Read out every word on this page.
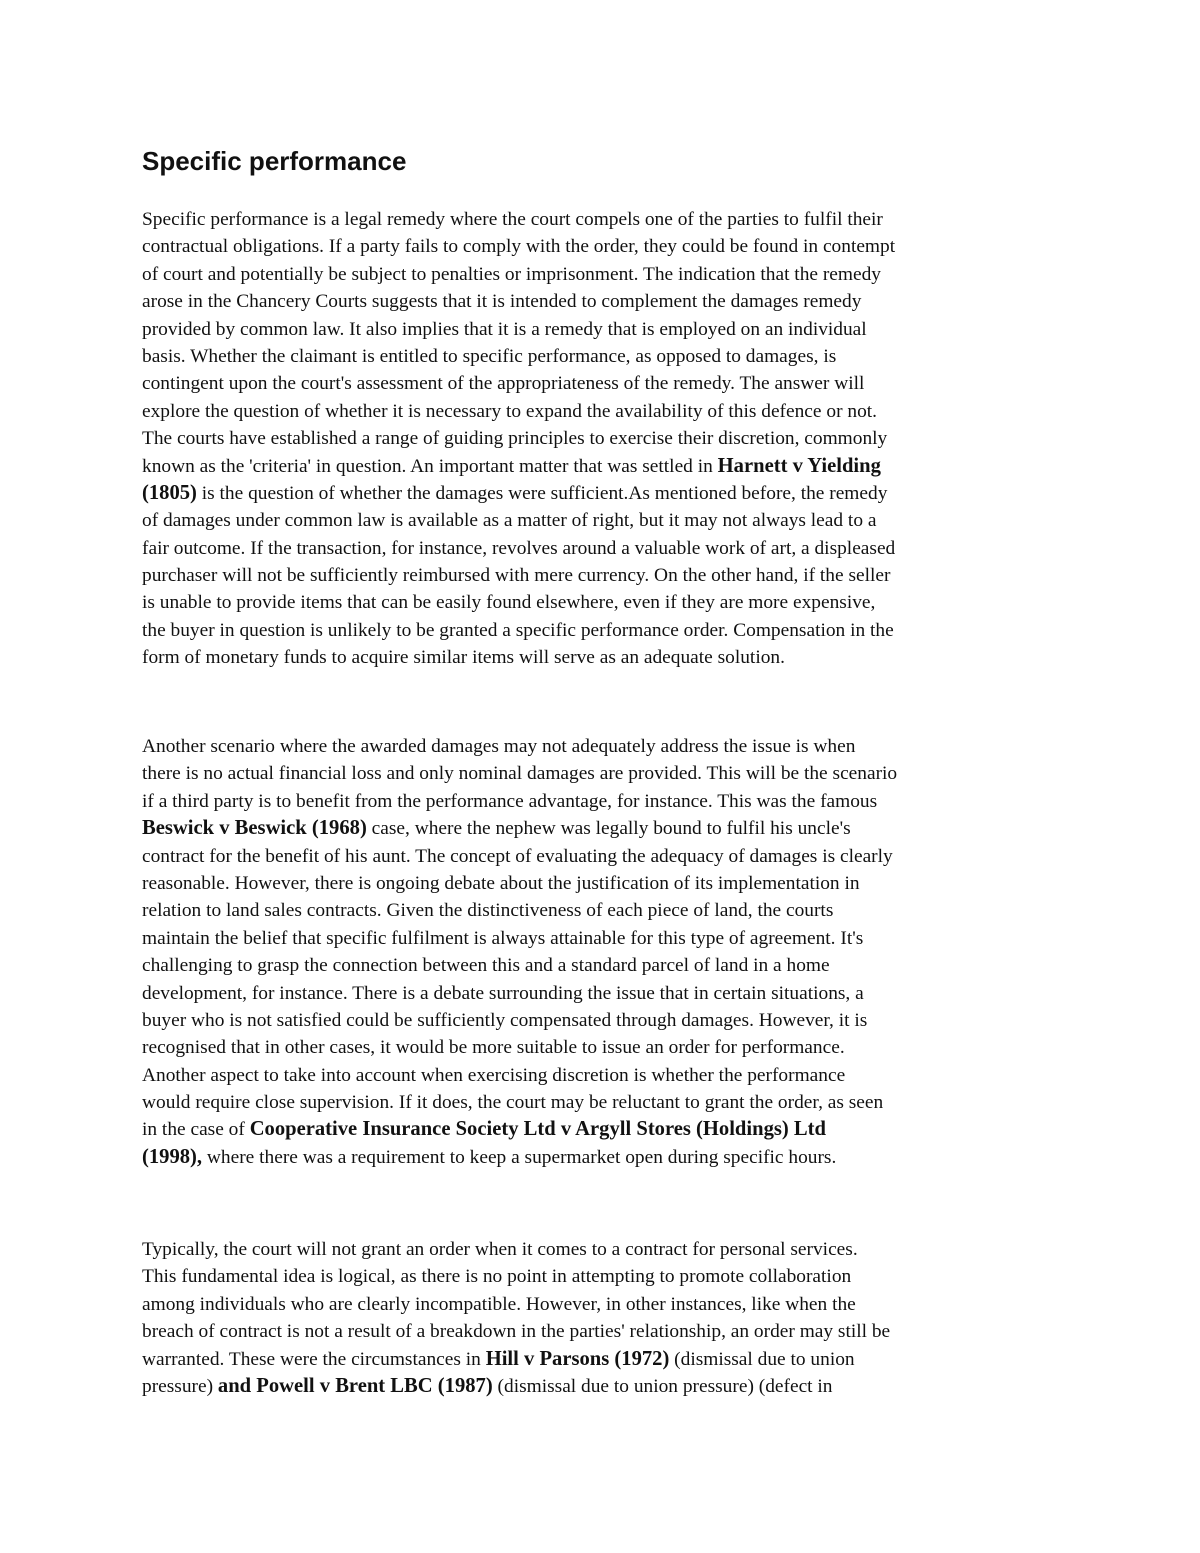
Specific performance
Specific performance is a legal remedy where the court compels one of the parties to fulfil their
contractual obligations. If a party fails to comply with the order, they could be found in contempt
of court and potentially be subject to penalties or imprisonment. The indication that the remedy
arose in the Chancery Courts suggests that it is intended to complement the damages remedy
provided by common law. It also implies that it is a remedy that is employed on an individual
basis. Whether the claimant is entitled to specific performance, as opposed to damages, is
contingent upon the court's assessment of the appropriateness of the remedy. The answer will
explore the question of whether it is necessary to expand the availability of this defence or not.
The courts have established a range of guiding principles to exercise their discretion, commonly
known as the 'criteria' in question. An important matter that was settled in Harnett v Yielding
(1805) is the question of whether the damages were sufficient.As mentioned before, the remedy
of damages under common law is available as a matter of right, but it may not always lead to a
fair outcome. If the transaction, for instance, revolves around a valuable work of art, a displeased
purchaser will not be sufficiently reimbursed with mere currency. On the other hand, if the seller
is unable to provide items that can be easily found elsewhere, even if they are more expensive,
the buyer in question is unlikely to be granted a specific performance order. Compensation in the
form of monetary funds to acquire similar items will serve as an adequate solution.
Another scenario where the awarded damages may not adequately address the issue is when
there is no actual financial loss and only nominal damages are provided. This will be the scenario
if a third party is to benefit from the performance advantage, for instance. This was the famous
Beswick v Beswick (1968) case, where the nephew was legally bound to fulfil his uncle's
contract for the benefit of his aunt. The concept of evaluating the adequacy of damages is clearly
reasonable. However, there is ongoing debate about the justification of its implementation in
relation to land sales contracts. Given the distinctiveness of each piece of land, the courts
maintain the belief that specific fulfilment is always attainable for this type of agreement. It's
challenging to grasp the connection between this and a standard parcel of land in a home
development, for instance. There is a debate surrounding the issue that in certain situations, a
buyer who is not satisfied could be sufficiently compensated through damages. However, it is
recognised that in other cases, it would be more suitable to issue an order for performance.
Another aspect to take into account when exercising discretion is whether the performance
would require close supervision. If it does, the court may be reluctant to grant the order, as seen
in the case of Cooperative Insurance Society Ltd v Argyll Stores (Holdings) Ltd
(1998), where there was a requirement to keep a supermarket open during specific hours.
Typically, the court will not grant an order when it comes to a contract for personal services.
This fundamental idea is logical, as there is no point in attempting to promote collaboration
among individuals who are clearly incompatible. However, in other instances, like when the
breach of contract is not a result of a breakdown in the parties' relationship, an order may still be
warranted. These were the circumstances in Hill v Parsons (1972) (dismissal due to union
pressure) and Powell v Brent LBC (1987) (dismissal due to union pressure) (defect in
